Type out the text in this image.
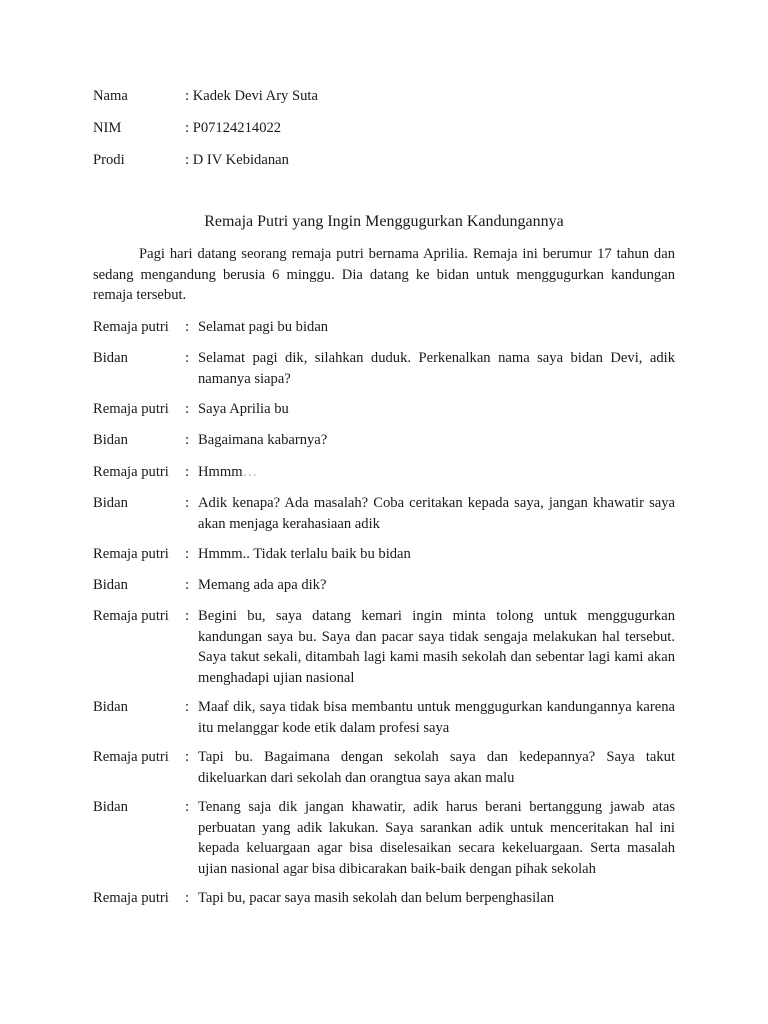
Nama	: Kadek Devi Ary Suta
NIM	: P07124214022
Prodi	: D IV Kebidanan
Remaja Putri yang Ingin Menggugurkan Kandungannya

Pagi hari datang seorang remaja putri bernama Aprilia. Remaja ini berumur 17 tahun dan sedang mengandung berusia 6 minggu. Dia datang ke bidan untuk menggugurkan kandungan remaja tersebut.

Remaja putri : Selamat pagi bu bidan

Bidan	: Selamat pagi dik, silahkan duduk. Perkenalkan nama saya bidan Devi, adik namanya siapa?

Remaja putri : Saya Aprilia bu

Bidan	: Bagaimana kabarnya?

Remaja putri : Hmmm…

Bidan	: Adik kenapa? Ada masalah? Coba ceritakan kepada saya, jangan khawatir saya akan menjaga kerahasiaan adik

Remaja putri : Hmmm.. Tidak terlalu baik bu bidan

Bidan	: Memang ada apa dik?

Remaja putri : Begini bu, saya datang kemari ingin minta tolong untuk menggugurkan kandungan saya bu. Saya dan pacar saya tidak sengaja melakukan hal tersebut. Saya takut sekali, ditambah lagi kami masih sekolah dan sebentar lagi kami akan menghadapi ujian nasional

Bidan	: Maaf dik, saya tidak bisa membantu untuk menggugurkan kandungannya karena itu melanggar kode etik dalam profesi saya

Remaja putri : Tapi bu. Bagaimana dengan sekolah saya dan kedepannya? Saya takut dikeluarkan dari sekolah dan orangtua saya akan malu

Bidan	: Tenang saja dik jangan khawatir, adik harus berani bertanggung jawab atas perbuatan yang adik lakukan. Saya sarankan adik untuk menceritakan hal ini kepada keluargaan agar bisa diselesaikan secara kekeluargaan. Serta masalah ujian nasional agar bisa dibicarakan baik-baik dengan pihak sekolah

Remaja putri : Tapi bu, pacar saya masih sekolah dan belum berpenghasilan
